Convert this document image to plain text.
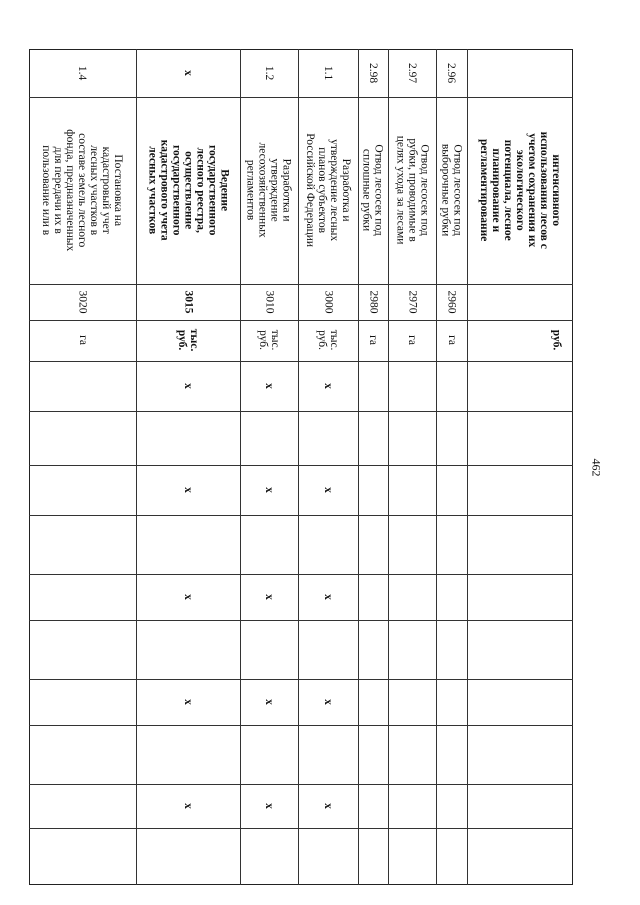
462
1.4
Постановка на
кадастровый учет
лесных участков в
составе земель лесного
фонда, предназначенных
для передачи их в
пользование или в
3020
га
x
Ведение
государственного
лесного реестра,
осуществление
государственного
кадастрового учета
лесных участков
3015
тыс. руб.
x
x
x
x
x
1.2
Разработка и
утверждение
лесохозяйственных
регламентов
3010
тыс. руб.
x
x
x
x
x
1.1
Разработка и
утверждение лесных
планов субъектов
Российской Федерации
3000
тыс. руб.
x
x
x
x
x
2.98
Отвод лесосек под
сплошные рубки
2980
га
2.97
Отвод лесосек под
рубки, проводимые в
целях ухода за лесами
2970
га
2.96
Отвод лесосек под
выборочные рубки
2960
га
интенсивного
использования лесов с
учетом сохранения их
экологического
потенциала, лесное
планирование и
регламентирование
руб.
